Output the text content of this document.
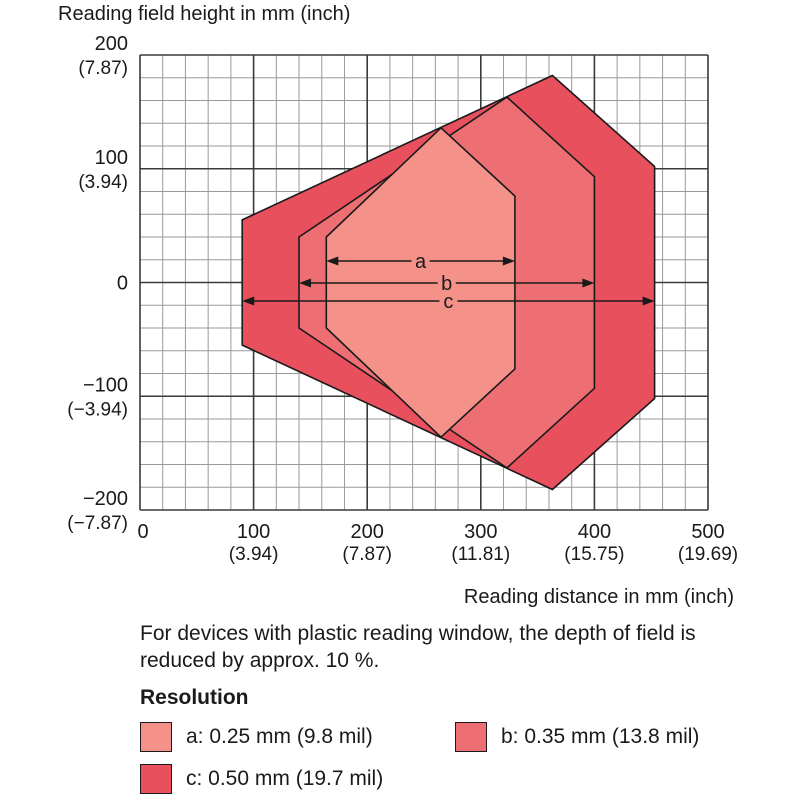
c
b
a
0	100
(3.94)
200
(7.87)
300
(11.81)
400
(15.75)
500
(19.69)
200
(7.87)
100
(3.94)
0
−100
(−3.94)
−200
(−7.87)
Reading field height in mm (inch)
Reading distance in mm (inch)
For devices with plastic reading window, the depth of field is reduced by approx. 10 %.
Resolution
a: 0.25 mm (9.8 mil)	b: 0.35 mm (13.8 mil)
c: 0.50 mm (19.7 mil)
